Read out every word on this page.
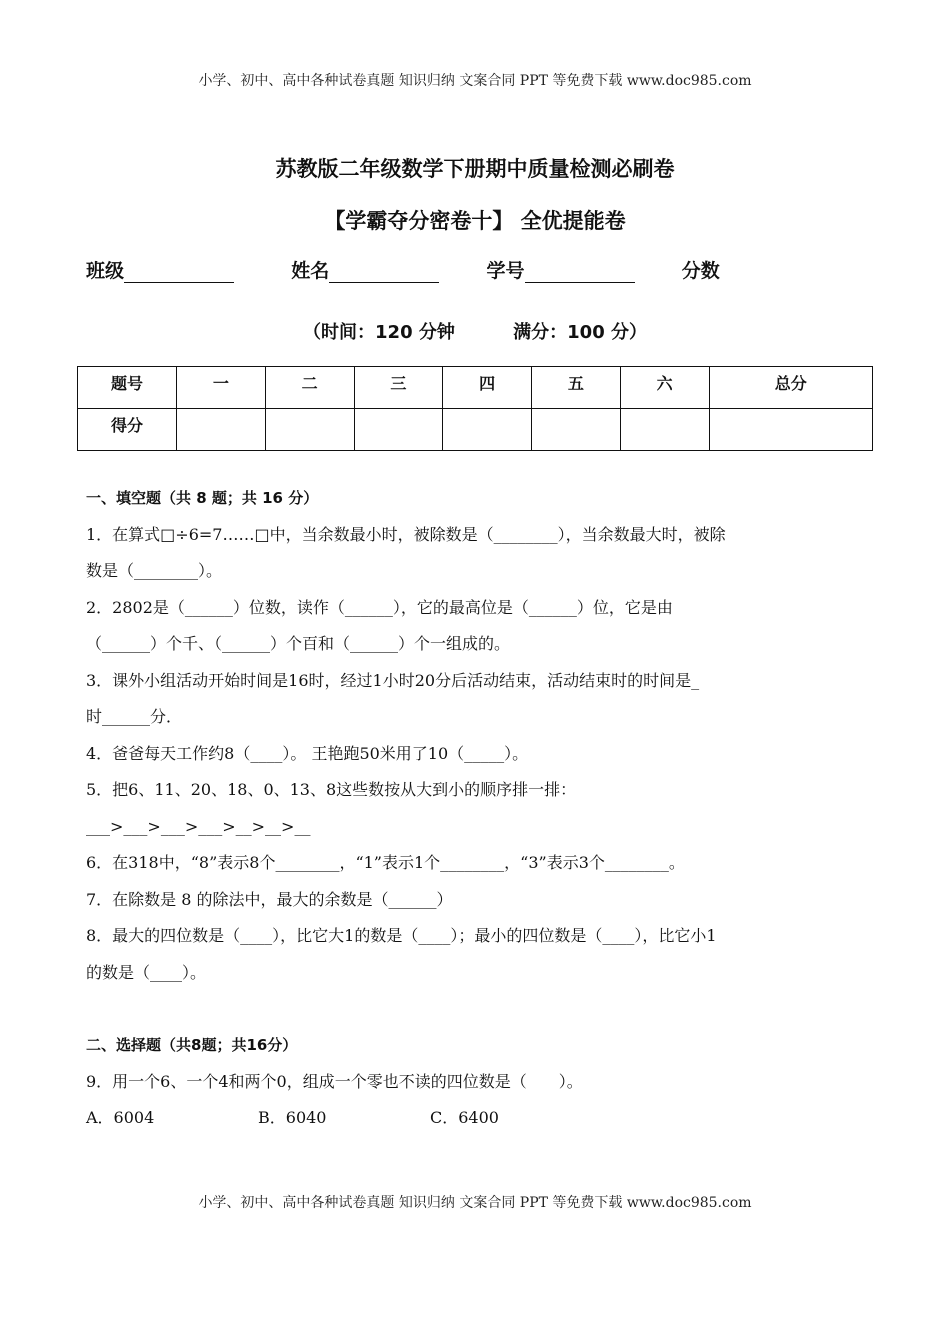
小学、初中、高中各种试卷真题 知识归纳 文案合同 PPT 等免费下载 www.doc985.com
苏教版二年级数学下册期中质量检测必刷卷
【学霸夺分密卷十】 全优提能卷
班级	姓名	学号	分数
（时间：120 分钟	满分：100 分）
题号	一	二	三	四	五	六	总分
得分							
一、填空题（共 8 题；共 16 分）
1．在算式□÷6=7……□中，当余数最小时，被除数是（________），当余数最大时，被除
数是（________）。
2．2802是（______）位数，读作（______），它的最高位是（______）位，它是由
（______）个千、（______）个百和（______）个一组成的。
3．课外小组活动开始时间是16时，经过1小时20分后活动结束，活动结束时的时间是_
时______分．
4．爸爸每天工作约8（____）。 王艳跑50米用了10（_____）。
5．把6、11、20、18、0、13、8这些数按从大到小的顺序排一排：
___>___>___>___>__>__>__
6．在318中，“8”表示8个________，“1”表示1个________，“3”表示3个________。
7．在除数是 8 的除法中，最大的余数是（______）
8．最大的四位数是（____），比它大1的数是（____）；最小的四位数是（____），比它小1
的数是（____）。
二、选择题（共8题；共16分）
9．用一个6、一个4和两个0，组成一个零也不读的四位数是（　　）。
A．6004	B．6040	C．6400
小学、初中、高中各种试卷真题 知识归纳 文案合同 PPT 等免费下载 www.doc985.com
